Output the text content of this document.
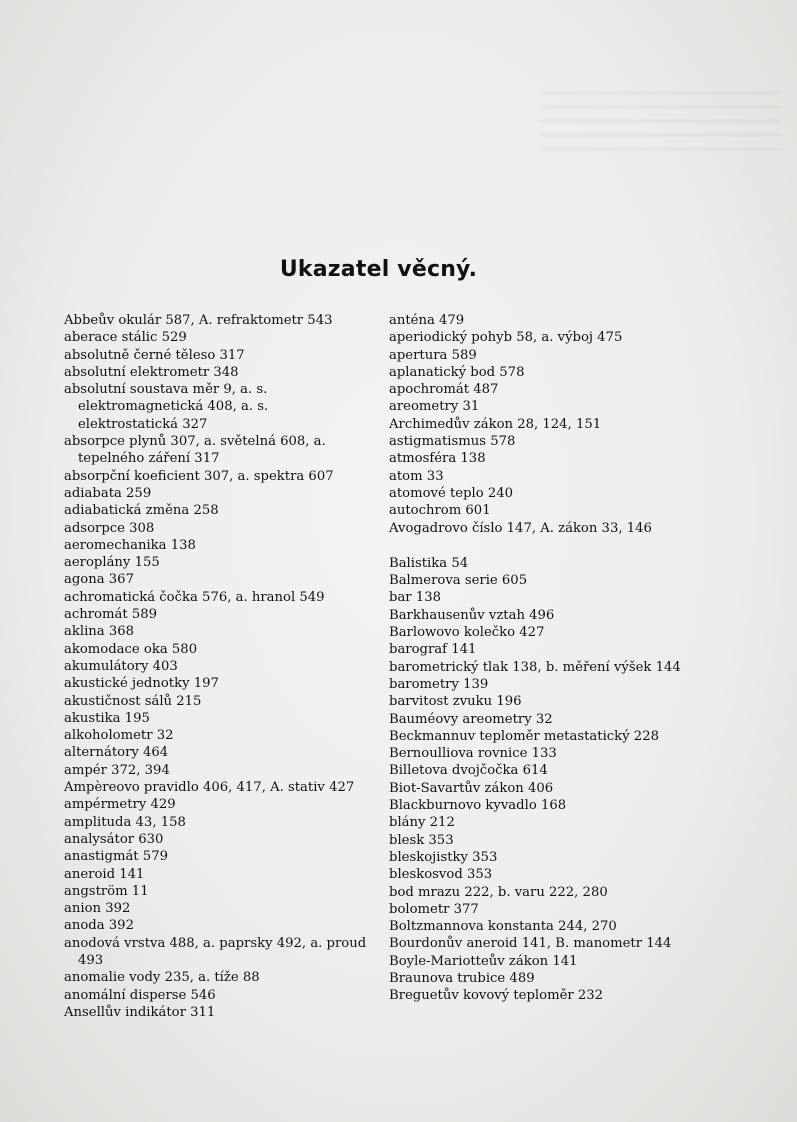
Ukazatel věcný.
Abbeův okulár 587, A. refraktometr 543
aberace stálic 529
absolutně černé těleso 317
absolutní elektrometr 348
absolutní soustava měr 9, a. s. elektromagnetická 408, a. s. elektrostatická 327
absorpce plynů 307, a. světelná 608, a. tepelného záření 317
absorpční koeficient 307, a. spektra 607
adiabata 259
adiabatická změna 258
adsorpce 308
aeromechanika 138
aeroplány 155
agona 367
achromatická čočka 576, a. hranol 549
achromát 589
aklina 368
akomodace oka 580
akumulátory 403
akustické jednotky 197
akustičnost sálů 215
akustika 195
alkoholometr 32
alternátory 464
ampér 372, 394
Ampèreovo pravidlo 406, 417, A. stativ 427
ampérmetry 429
amplituda 43, 158
analysátor 630
anastigmát 579
aneroid 141
angström 11
anion 392
anoda 392
anodová vrstva 488, a. paprsky 492, a. proud 493
anomalie vody 235, a. tíže 88
anomální disperse 546
Ansellův indikátor 311
anténa 479
aperiodický pohyb 58, a. výboj 475
apertura 589
aplanatický bod 578
apochromát 487
areometry 31
Archimedův zákon 28, 124, 151
astigmatismus 578
atmosféra 138
atom 33
atomové teplo 240
autochrom 601
Avogadrovo číslo 147, A. zákon 33, 146
Balistika 54
Balmerova serie 605
bar 138
Barkhausenův vztah 496
Barlowovo kolečko 427
barograf 141
barometrický tlak 138, b. měření výšek 144
barometry 139
barvitost zvuku 196
Bauméovy areometry 32
Beckmannuv teploměr metastatický 228
Bernoulliova rovnice 133
Billetova dvojčočka 614
Biot-Savartův zákon 406
Blackburnovo kyvadlo 168
blány 212
blesk 353
bleskojistky 353
bleskosvod 353
bod mrazu 222, b. varu 222, 280
bolometr 377
Boltzmannova konstanta 244, 270
Bourdonův aneroid 141, B. manometr 144
Boyle-Mariotteův zákon 141
Braunova trubice 489
Breguetův kovový teploměr 232
